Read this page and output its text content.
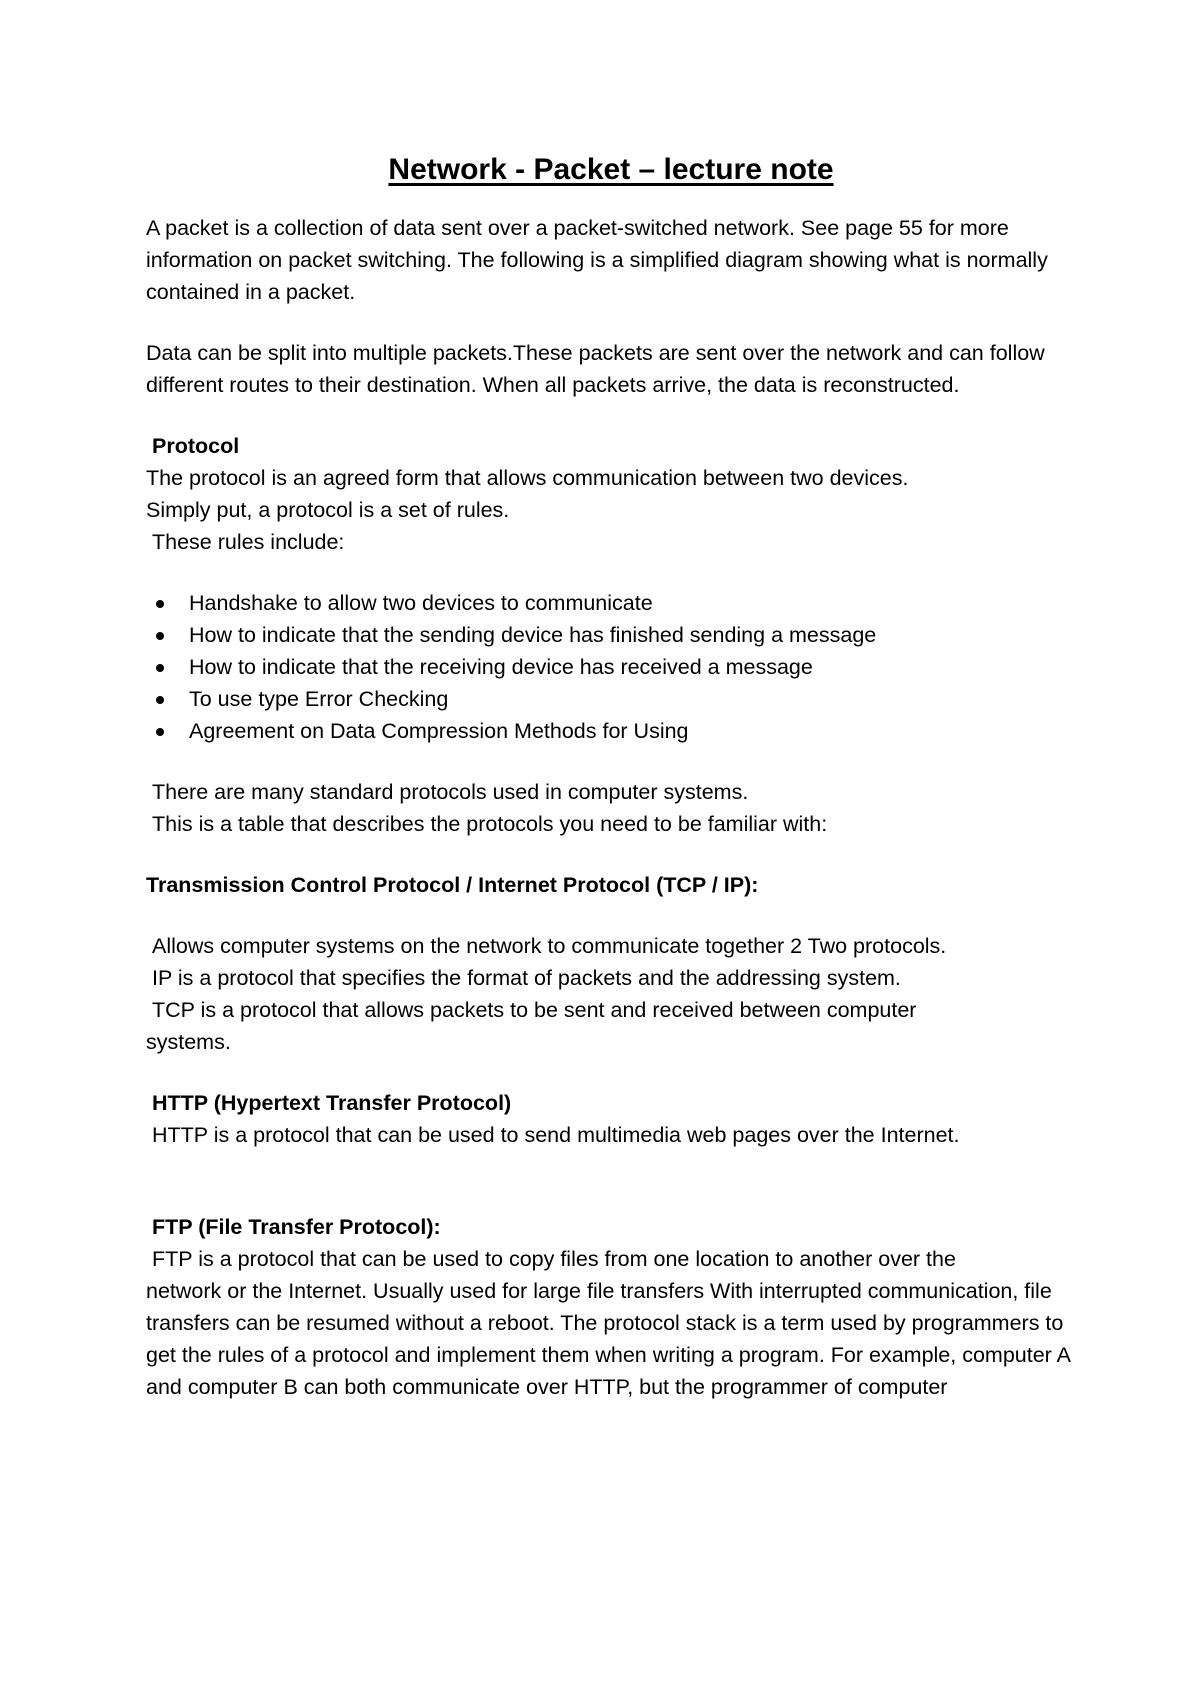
Network - Packet – lecture note

A packet is a collection of data sent over a packet-switched network. See page 55 for more information on packet switching. The following is a simplified diagram showing what is normally contained in a packet.

Data can be split into multiple packets.These packets are sent over the network and can follow different routes to their destination. When all packets arrive, the data is reconstructed.

Protocol

The protocol is an agreed form that allows communication between two devices.

Simply put, a protocol is a set of rules.

These rules include:

Handshake to allow two devices to communicate
How to indicate that the sending device has finished sending a message
How to indicate that the receiving device has received a message
To use type Error Checking
Agreement on Data Compression Methods for Using

There are many standard protocols used in computer systems.

This is a table that describes the protocols you need to be familiar with:

Transmission Control Protocol / Internet Protocol (TCP / IP):

Allows computer systems on the network to communicate together 2 Two protocols.

IP is a protocol that specifies the format of packets and the addressing system.

TCP is a protocol that allows packets to be sent and received between computer

systems.

HTTP (Hypertext Transfer Protocol)

HTTP is a protocol that can be used to send multimedia web pages over the Internet.

FTP (File Transfer Protocol):

FTP is a protocol that can be used to copy files from one location to another over the

network or the Internet. Usually used for large file transfers With interrupted communication, file transfers can be resumed without a reboot. The protocol stack is a term used by programmers to get the rules of a protocol and implement them when writing a program. For example, computer A and computer B can both communicate over HTTP, but the programmer of computer
